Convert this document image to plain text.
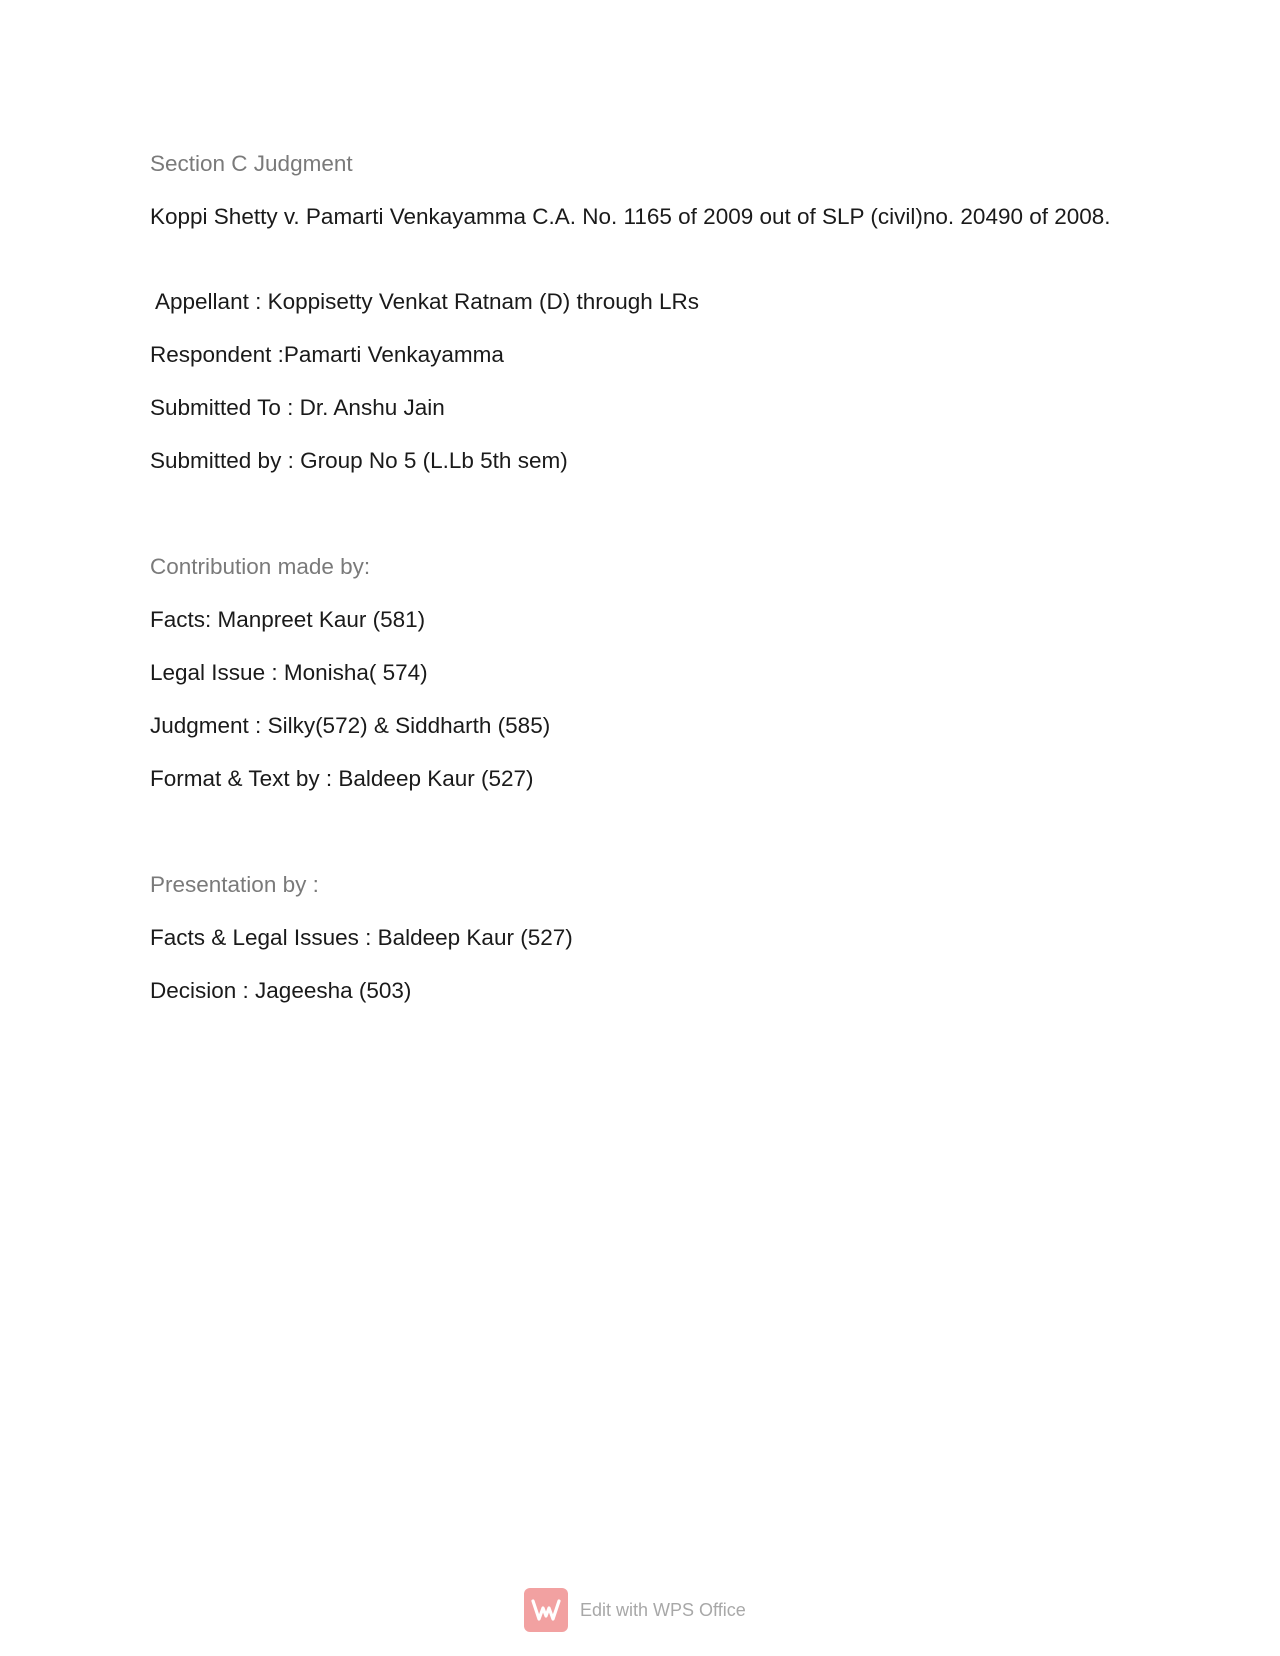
Section C Judgment
Koppi Shetty v. Pamarti Venkayamma C.A. No. 1165 of 2009 out of SLP (civil)no. 20490 of 2008.
Appellant : Koppisetty Venkat Ratnam (D) through LRs
Respondent :Pamarti Venkayamma
Submitted To : Dr. Anshu Jain
Submitted by : Group No 5 (L.Lb 5th sem)
Contribution made by:
Facts: Manpreet Kaur (581)
Legal Issue : Monisha( 574)
Judgment : Silky(572) & Siddharth (585)
Format & Text by : Baldeep Kaur (527)
Presentation by :
Facts & Legal Issues : Baldeep Kaur (527)
Decision : Jageesha (503)
Edit with WPS Office
